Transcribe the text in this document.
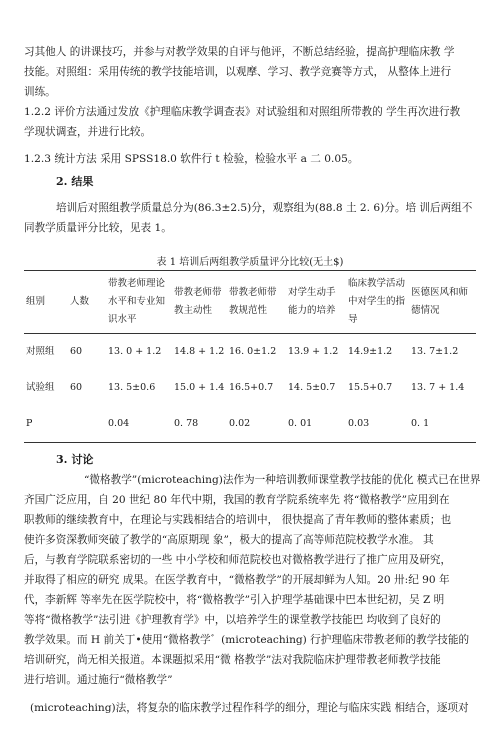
习其他人 的讲课技巧，并参与对教学效果的自评与他评，不断总结经验，提高护理临床教 学
技能。对照组：采用传统的教学技能培训，以观摩、学习、教学竞赛等方式， 从整体上进行
训练。
1.2.2 评价方法通过发放《护理临床教学调查表》对试验组和对照组所带教的 学生再次进行教
学现状调查，并进行比较。
1.2.3 统计方法 采用 SPSS18.0 软件行 t 检验，检验水平 a 二 0.05。
2. 结果
培训后对照组教学质量总分为(86.3±2.5)分，观察组为(88.8 土 2. 6)分。培 训后两组不
同教学质量评分比较，见表 1。
表 1 培训后两组教学质量评分比较(无土$)
组别	人数	带教老师理论水平和专业知识水平	带教老师带教主动性	带教老师带教规范性	对学生动手能力的培养	临床教学活动中对学生的指导	医德医风和师德情况

对照组	60	13. 0 + 1.2	14.8 + 1.2	16. 0±1.2	13.9 + 1.2	14.9±1.2	13. 7±1.2
试验组	60	13. 5±0.6	15.0 + 1.4	16.5+0.7	14. 5±0.7	15.5+0.7	13. 7 + 1.4
P		0.04	0. 78	0.02	0. 01	0.03	0. 1
3. 讨论
“微格教学”(microteaching)法作为一种培训教师课堂教学技能的优化 模式已在世界
齐国广泛应用，自 20 世纪 80 年代中期，我国的教育学院系统率先 将“微格教学”应用到在
职教师的继续教育中，在理论与实践相结合的培训中， 很快提高了青年教师的整体素质；也
使许多资深教师突破了教学的“高原期现 象”，极大的提高了高等师范院校教学水准。 其
后，与教育学院联系密切的一些 中小学校和师范院校也对微格教学进行了推广应用及研究，
并取得了相应的研究 成果。在医学教育中，“微格教学”的开展却鲜为人知。20 卅:纪 90 年
代，李新辉 等率先在医学院校中，将“微格教学”引入护理学基础课中巴本世纪初，吴 Z 明
等将“微格教学”法引进《护理教育学》中，以培养学生的课堂教学技能巴 均收到了良好的
教学效果。而 H 前关丁•使用“微格教学゛(microteaching) 行护理临床带教老师的教学技能的
培训研究，尚无相关报道。本课题拟采用“微 格教学”法对我院临床护理带教老师教学技能
进行培训。通过施行“微格教学”
(microteaching)法，将复杂的临床教学过程作科学的细分，理论与临床实践 相结合，逐项对
